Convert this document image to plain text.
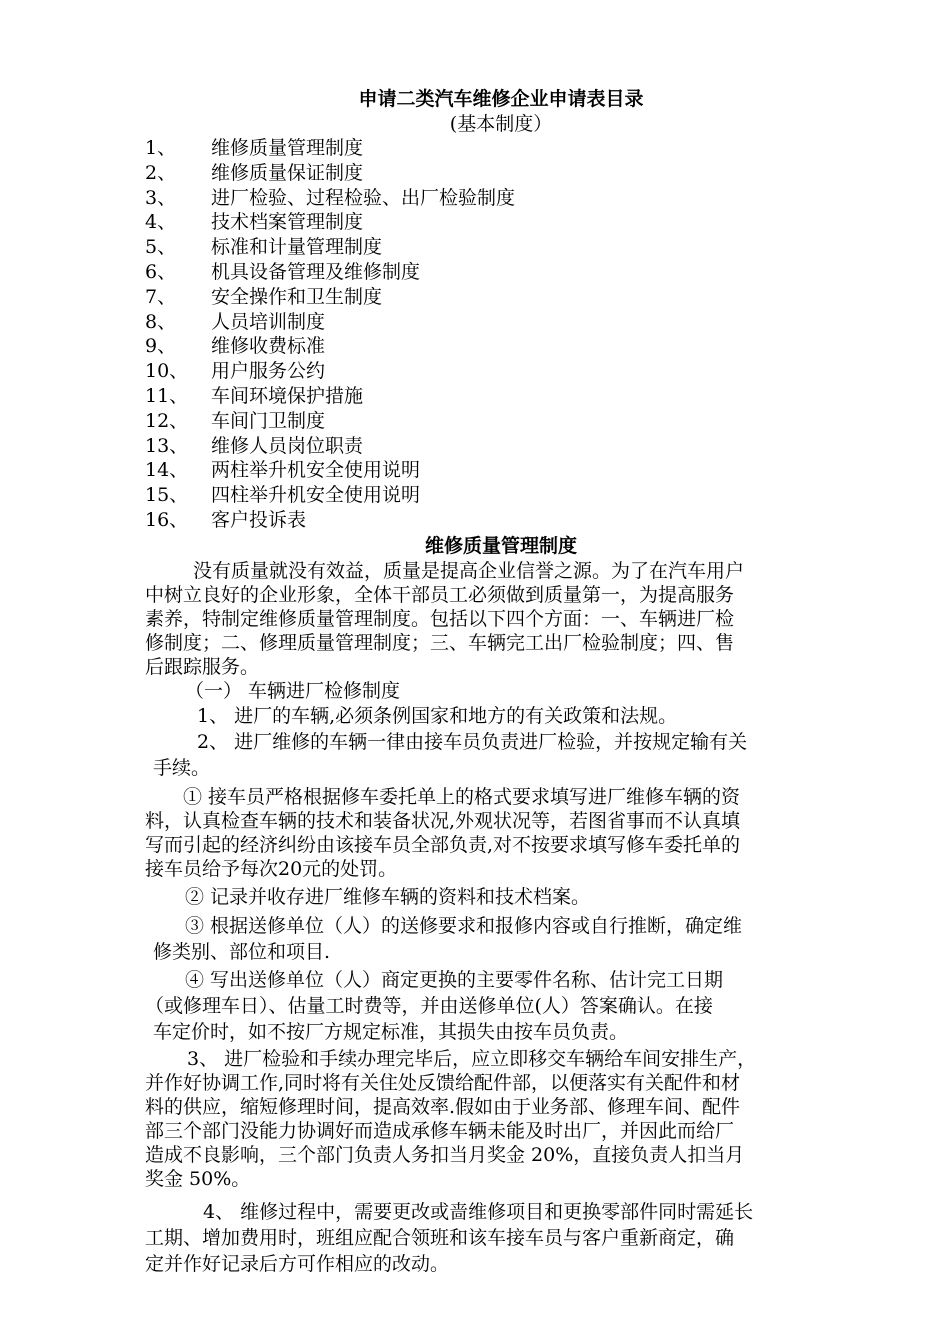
申请二类汽车维修企业申请表目录
(基本制度）
1、	维修质量管理制度
2、	维修质量保证制度
3、	进厂检验、过程检验、出厂检验制度
4、	技术档案管理制度
5、	标准和计量管理制度
6、	机具设备管理及维修制度
7、	安全操作和卫生制度
8、	人员培训制度
9、	维修收费标准
10、	用户服务公约
11、	车间环境保护措施
12、	车间门卫制度
13、	维修人员岗位职责
14、	两柱举升机安全使用说明
15、	四柱举升机安全使用说明
16、	客户投诉表
维修质量管理制度
没有质量就没有效益，质量是提高企业信誉之源。为了在汽车用户
中树立良好的企业形象，全体干部员工必须做到质量第一，为提高服务
素养，特制定维修质量管理制度。包括以下四个方面：一、车辆进厂检
修制度；二、修理质量管理制度；三、车辆完工出厂检验制度；四、售
后跟踪服务。
（一） 车辆进厂检修制度
1、 进厂的车辆,必须条例国家和地方的有关政策和法规。
2、 进厂维修的车辆一律由接车员负责进厂检验，并按规定输有关
手续。
① 接车员严格根据修车委托单上的格式要求填写进厂维修车辆的资
料，认真检查车辆的技术和装备状况,外观状况等，若图省事而不认真填
写而引起的经济纠纷由该接车员全部负责,对不按要求填写修车委托单的
接车员给予每次20元的处罚。
② 记录并收存进厂维修车辆的资料和技术档案。
③ 根据送修单位（人）的送修要求和报修内容或自行推断，确定维
修类别、部位和项目.
④ 写出送修单位（人）商定更换的主要零件名称、估计完工日期
（或修理车日）、估量工时费等，并由送修单位(人）答案确认。在接
车定价时，如不按厂方规定标准，其损失由按车员负责。
3、 进厂检验和手续办理完毕后，应立即移交车辆给车间安排生产，
并作好协调工作,同时将有关住处反馈给配件部，以便落实有关配件和材
料的供应，缩短修理时间，提高效率.假如由于业务部、修理车间、配件
部三个部门没能力协调好而造成承修车辆未能及时出厂，并因此而给厂
造成不良影响，三个部门负责人务扣当月奖金 20%，直接负责人扣当月
奖金 50%。
4、 维修过程中，需要更改或啬维修项目和更换零部件同时需延长
工期、增加费用时，班组应配合领班和该车接车员与客户重新商定，确
定并作好记录后方可作相应的改动。
